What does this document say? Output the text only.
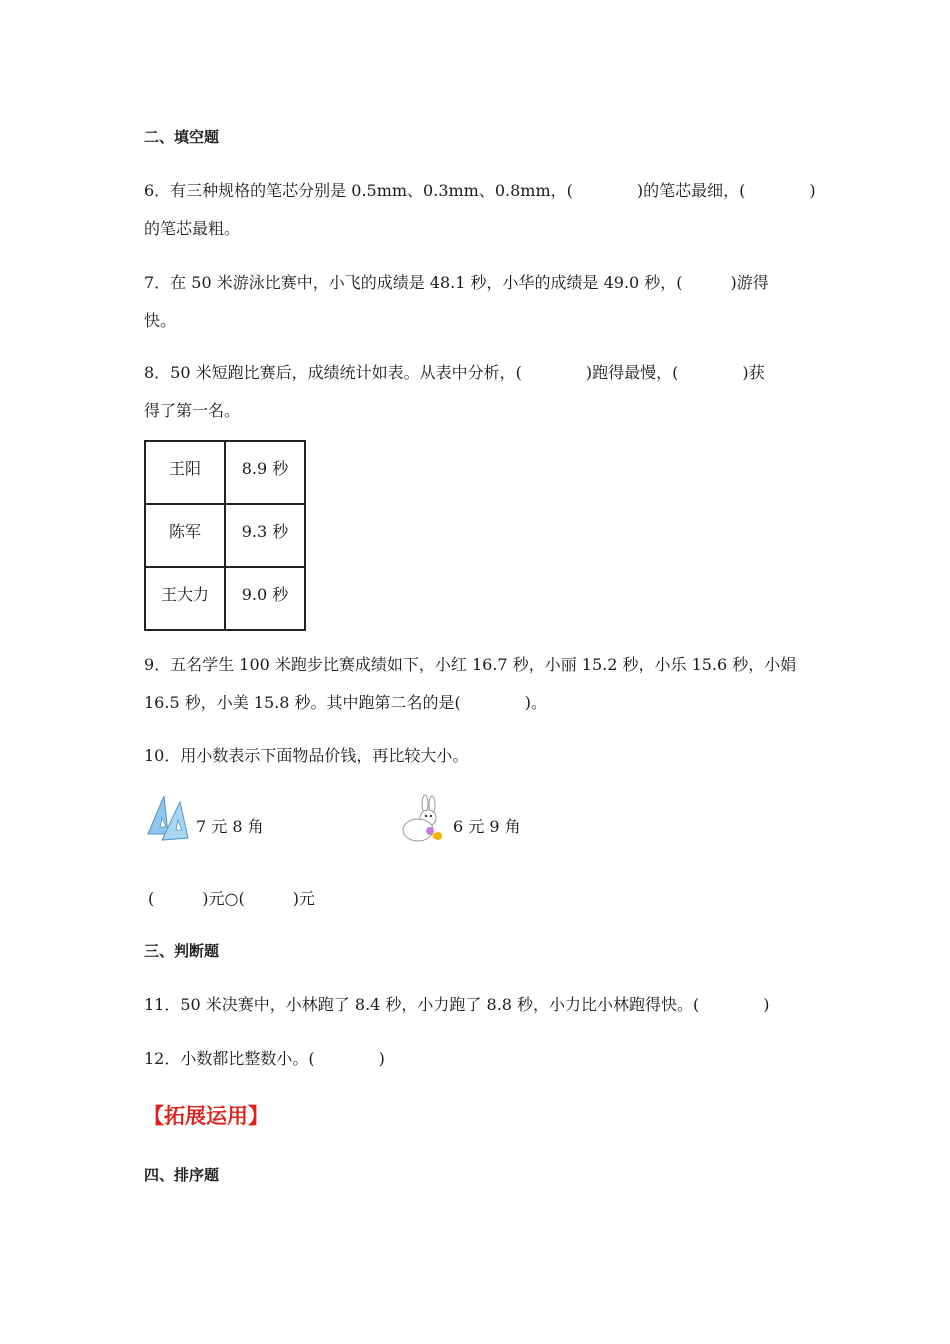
二、填空题
6．有三种规格的笔芯分别是 0.5mm、0.3mm、0.8mm，(　　　　)的笔芯最细，(　　　　)
的笔芯最粗。
7．在 50 米游泳比赛中，小飞的成绩是 48.1 秒，小华的成绩是 49.0 秒，(　　　)游得
快。
8．50 米短跑比赛后，成绩统计如表。从表中分析，(　　　　)跑得最慢，(　　　　)获
得了第一名。
王阳	8.9 秒
陈军	9.3 秒
王大力	9.0 秒
9．五名学生 100 米跑步比赛成绩如下，小红 16.7 秒，小丽 15.2 秒，小乐 15.6 秒，小娟
16.5 秒，小美 15.8 秒。其中跑第二名的是(　　　　)。
10．用小数表示下面物品价钱，再比较大小。
7 元 8 角	6 元 9 角
(　　　)元○(　　　)元
三、判断题
11．50 米决赛中，小林跑了 8.4 秒，小力跑了 8.8 秒，小力比小林跑得快。(　　　　)
12．小数都比整数小。(　　　　)
【拓展运用】
四、排序题
